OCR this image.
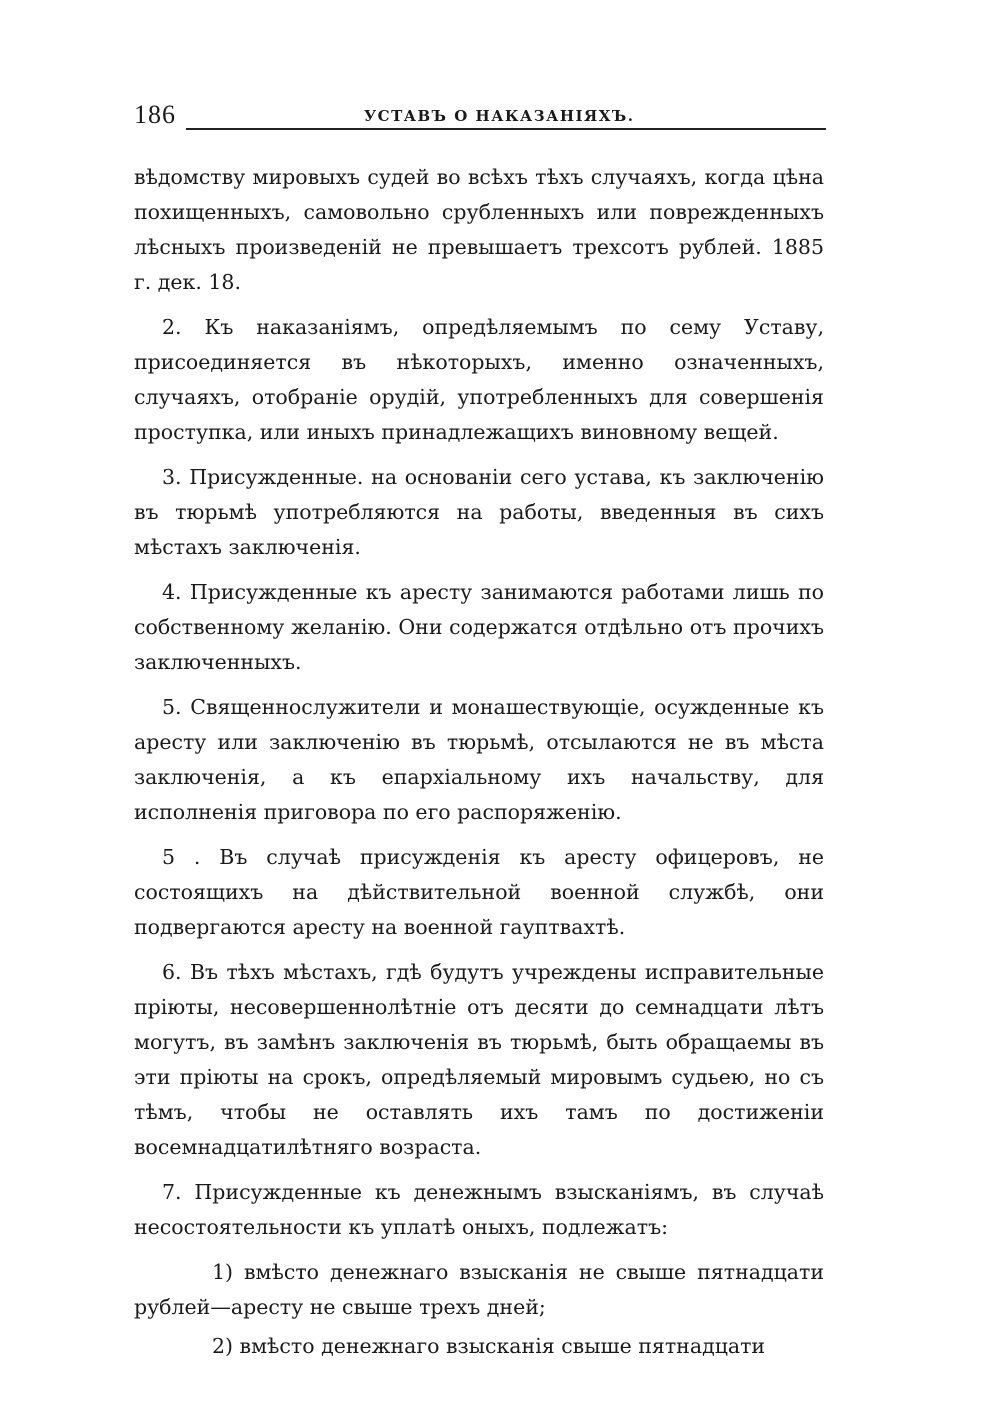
186	УСТАВЪ О НАКАЗАНІЯХЪ.

вѣдомству мировыхъ судей во всѣхъ тѣхъ случаяхъ, когда цѣна похищенныхъ, самовольно срубленныхъ или поврежденныхъ лѣсныхъ произведеній не превышаетъ трехсотъ рублей. 1885 г. дек. 18.

2. Къ наказаніямъ, опредѣляемымъ по сему Уставу, присоединяется въ нѣкоторыхъ, именно означенныхъ, случаяхъ, отобраніе орудій, употребленныхъ для совершенія проступка, или иныхъ принадлежащихъ виновному вещей.

3. Присужденные. на основаніи сего устава, къ заключенію въ тюрьмѣ употребляются на работы, введенныя въ сихъ мѣстахъ заключенія.

4. Присужденные къ аресту занимаются работами лишь по собственному желанію. Они содержатся отдѣльно отъ прочихъ заключенныхъ.

5. Священнослужители и монашествующіе, осужденные къ аресту или заключенію въ тюрьмѣ, отсылаются не въ мѣста заключенія, а къ епархіальному ихъ начальству, для исполненія приговора по его распоряженію.

5 . Въ случаѣ присужденія къ аресту офицеровъ, не состоящихъ на дѣйствительной военной службѣ, они подвергаются аресту на военной гауптвахтѣ.

6. Въ тѣхъ мѣстахъ, гдѣ будутъ учреждены исправительные пріюты, несовершеннолѣтніе отъ десяти до семнадцати лѣтъ могутъ, въ замѣнъ заключенія въ тюрьмѣ, быть обращаемы въ эти пріюты на срокъ, опредѣляемый мировымъ судьею, но съ тѣмъ, чтобы не оставлять ихъ тамъ по достиженіи восемнадцатилѣтняго возраста.

7. Присужденные къ денежнымъ взысканіямъ, въ случаѣ несостоятельности къ уплатѣ оныхъ, подлежатъ:

1) вмѣсто денежнаго взысканія не свыше пятнадцати рублей—аресту не свыше трехъ дней;

2) вмѣсто денежнаго взысканія свыше пятнадцати
